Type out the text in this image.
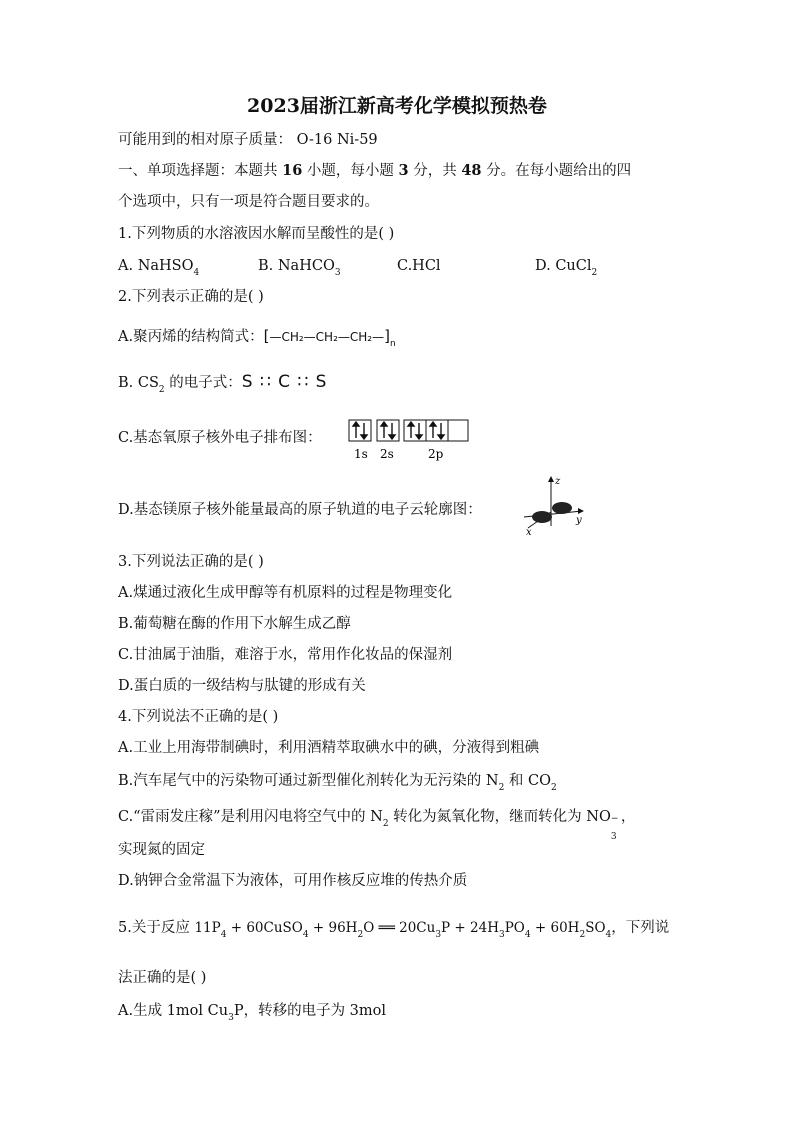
2023届浙江新高考化学模拟预热卷
可能用到的相对原子质量： O-16 Ni-59
一、单项选择题：本题共 16 小题，每小题 3 分，共 48 分。在每小题给出的四
个选项中，只有一项是符合题目要求的。
1.下列物质的水溶液因水解而呈酸性的是( )
A. NaHSO$_4$	B. NaHCO$_3$	C.HCl	D. CuCl$_2$
2.下列表示正确的是( )
A.聚丙烯的结构简式：$[—CH_2—CH_2—CH_2—]_n$
B. $CS_2$ 的电子式：S ∷ C ∷ S
C.基态氧原子核外电子排布图：
1s 2s	2p
D.基态镁原子核外能量最高的原子轨道的电子云轮廓图：
z
y
x
3.下列说法正确的是( )
A.煤通过液化生成甲醇等有机原料的过程是物理变化
B.葡萄糖在酶的作用下水解生成乙醇
C.甘油属于油脂，难溶于水，常用作化妆品的保湿剂
D.蛋白质的一级结构与肽键的形成有关
4.下列说法不正确的是( )
A.工业上用海带制碘时，利用酒精萃取碘水中的碘，分液得到粗碘
B.汽车尾气中的污染物可通过新型催化剂转化为无污染的 $N_2$ 和 $CO_2$
C.“雷雨发庄稼”是利用闪电将空气中的 $N_2$ 转化为氮氧化物，继而转化为 NO −
3
，
实现氮的固定
D.钠钾合金常温下为液体，可用作核反应堆的传热介质
5.关于反应 $11P_4$ + 60CuSO$_4$ + $96H_2O$ ══ $20Cu_3P + 24H_3PO_4 + 60H_2SO_4$，下列说
法正确的是( )
A.生成 1mol $Cu_3P$，转移的电子为 3mol
